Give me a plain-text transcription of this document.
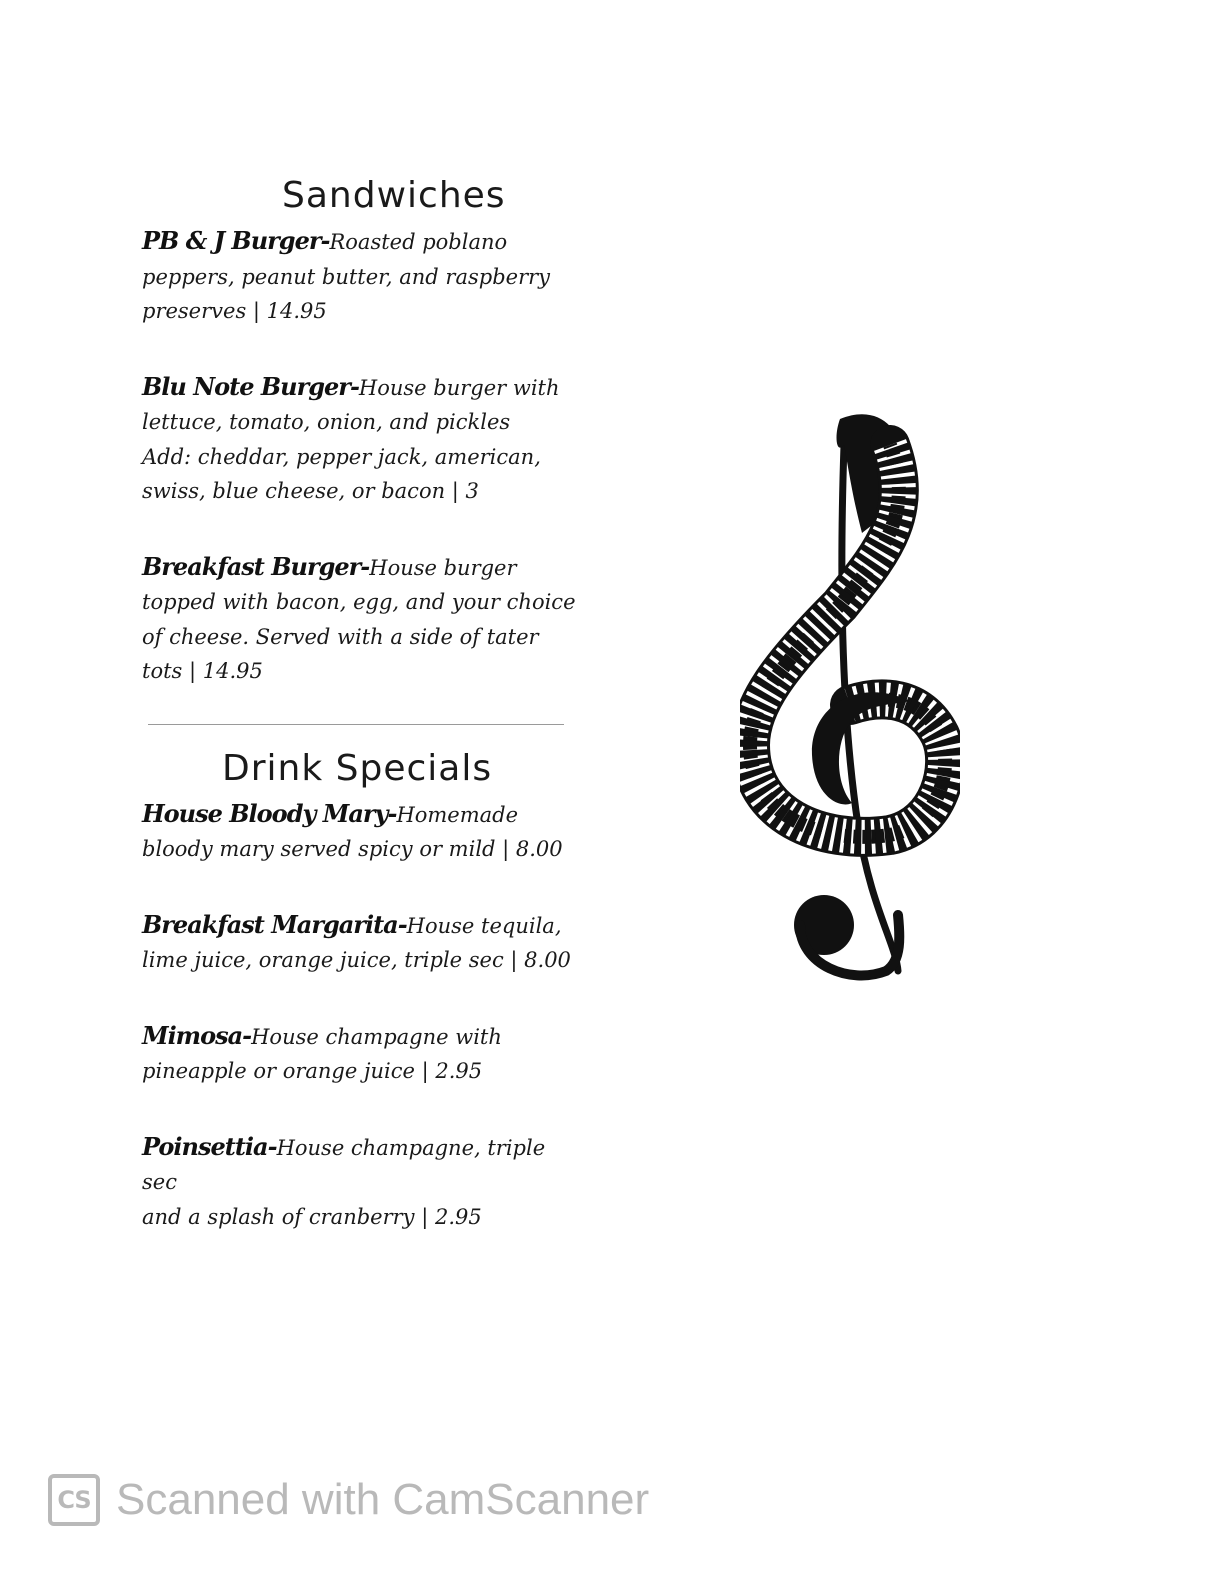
Sandwiches

PB & J Burger-Roasted poblano
peppers, peanut butter, and raspberry
preserves | 14.95

Blu Note Burger-House burger with
lettuce, tomato, onion, and pickles
Add: cheddar, pepper jack, american,
swiss, blue cheese, or bacon | 3

Breakfast Burger-House burger
topped with bacon, egg, and your choice
of cheese. Served with a side of tater
tots | 14.95

Drink Specials

House Bloody Mary-Homemade
bloody mary served spicy or mild | 8.00

Breakfast Margarita-House tequila,
lime juice, orange juice, triple sec | 8.00

Mimosa-House champagne with
pineapple or orange juice | 2.95

Poinsettia-House champagne, triple sec
and a splash of cranberry | 2.95

CS Scanned with CamScanner
